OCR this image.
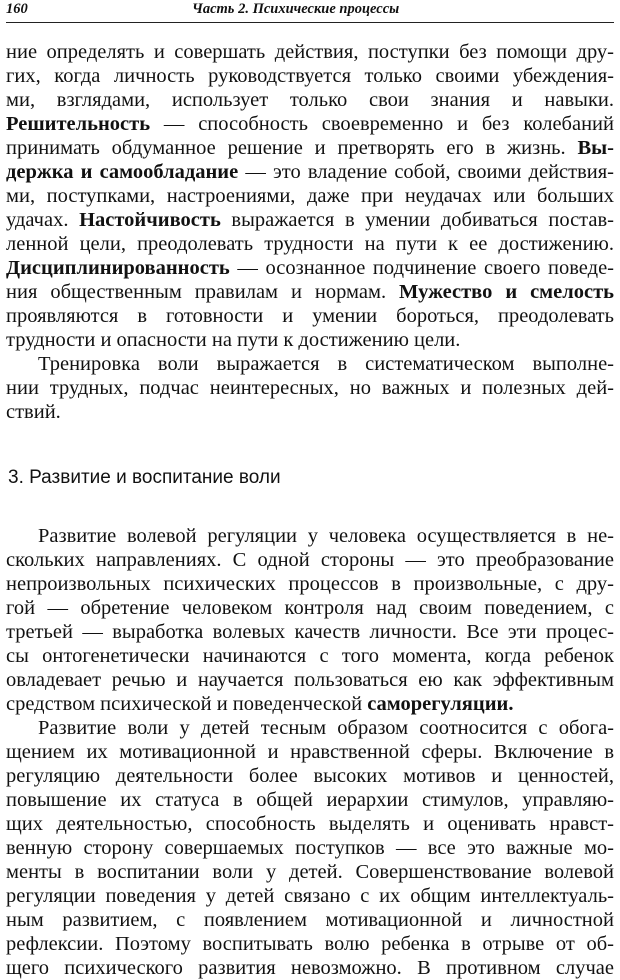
160	Часть 2. Психические процессы
ние определять и совершать действия, поступки без помощи дру-
гих, когда личность руководствуется только своими убеждения-
ми, взглядами, использует только свои знания и навыки.
Решительность — способность своевременно и без колебаний
принимать обдуманное решение и претворять его в жизнь. Вы-
держка и самообладание — это владение собой, своими действия-
ми, поступками, настроениями, даже при неудачах или больших
удачах. Настойчивость выражается в умении добиваться постав-
ленной цели, преодолевать трудности на пути к ее достижению.
Дисциплинированность — осознанное подчинение своего поведе-
ния общественным правилам и нормам. Мужество и смелость
проявляются в готовности и умении бороться, преодолевать
трудности и опасности на пути к достижению цели.
Тренировка воли выражается в систематическом выполне-
нии трудных, подчас неинтересных, но важных и полезных дей-
ствий.
3. Развитие и воспитание воли
Развитие волевой регуляции у человека осуществляется в не-
скольких направлениях. С одной стороны — это преобразование
непроизвольных психических процессов в произвольные, с дру-
гой — обретение человеком контроля над своим поведением, с
третьей — выработка волевых качеств личности. Все эти процес-
сы онтогенетически начинаются с того момента, когда ребенок
овладевает речью и научается пользоваться ею как эффективным
средством психической и поведенческой саморегуляции.
Развитие воли у детей тесным образом соотносится с обога-
щением их мотивационной и нравственной сферы. Включение в
регуляцию деятельности более высоких мотивов и ценностей,
повышение их статуса в общей иерархии стимулов, управляю-
щих деятельностью, способность выделять и оценивать нравст-
венную сторону совершаемых поступков — все это важные мо-
менты в воспитании воли у детей. Совершенствование волевой
регуляции поведения у детей связано с их общим интеллектуаль-
ным развитием, с появлением мотивационной и личностной
рефлексии. Поэтому воспитывать волю ребенка в отрыве от об-
щего психического развития невозможно. В противном случае
